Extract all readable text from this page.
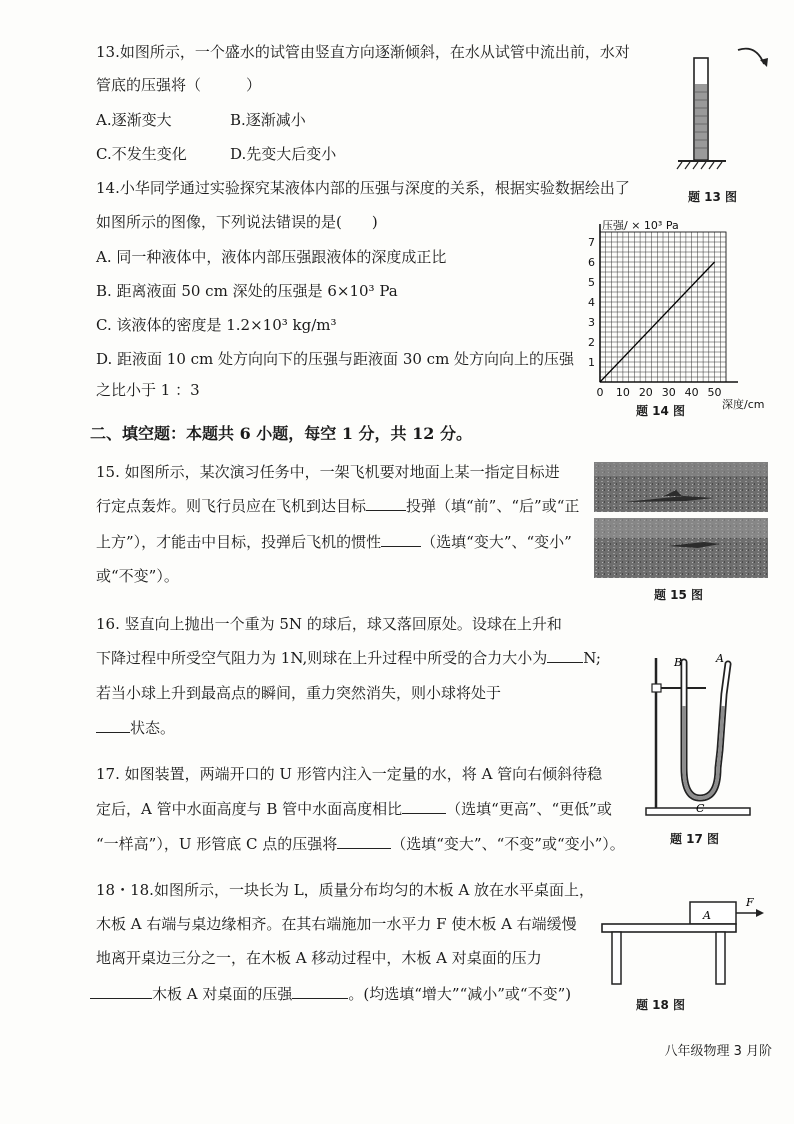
13.如图所示，一个盛水的试管由竖直方向逐渐倾斜，在水从试管中流出前，水对
管底的压强将（　　　）
A.逐渐变大	B.逐渐减小
C.不发生变化	D.先变大后变小
题 13 图
14.小华同学通过实验探究某液体内部的压强与深度的关系，根据实验数据绘出了
如图所示的图像，下列说法错误的是(　　)
A. 同一种液体中，液体内部压强跟液体的深度成正比
B. 距离液面 50 cm 深处的压强是 6×10³ Pa
C. 该液体的密度是 1.2×10³ kg/m³
D. 距液面 10 cm 处方向向下的压强与距液面 30 cm 处方向向上的压强
之比小于 1 ：3	0 10 20 30 40 50
1
2
3
4
5
6
7
压强/ × 10³ Pa
深度/cm
题 14 图
二、填空题：本题共 6 小题，每空 1 分，共 12 分。
15. 如图所示，某次演习任务中，一架飞机要对地面上某一指定目标进
行定点轰炸。则飞行员应在飞机到达目标	投弹（填“前”、“后”或“正
上方”），才能击中目标，投弹后飞机的惯性	（选填“变大”、“变小”
或“不变”）。
题 15 图
16. 竖直向上抛出一个重为 5N 的球后，球又落回原处。设球在上升和
下降过程中所受空气阻力为 1N,则球在上升过程中所受的合力大小为 N;
若当小球上升到最高点的瞬间，重力突然消失，则小球将处于
状态。
17. 如图装置，两端开口的 U 形管内注入一定量的水，将 A 管向右倾斜待稳
定后，A 管中水面高度与 B 管中水面高度相比	（选填“更高”、“更低”或
“一样高”），U 形管底 C 点的压强将	（选填“变大”、“不变”或“变小”）。
B	A
C
题 17 图
18・18.如图所示，一块长为 L，质量分布均匀的木板 A 放在水平桌面上，
木板 A 右端与桌边缘相齐。在其右端施加一水平力 F 使木板 A 右端缓慢
地离开桌边三分之一，在木板 A 移动过程中，木板 A 对桌面的压力
木板 A 对桌面的压强	。(均选填“增大”“减小”或“不变”)
A
F
题 18 图
八年级物理 3 月阶
